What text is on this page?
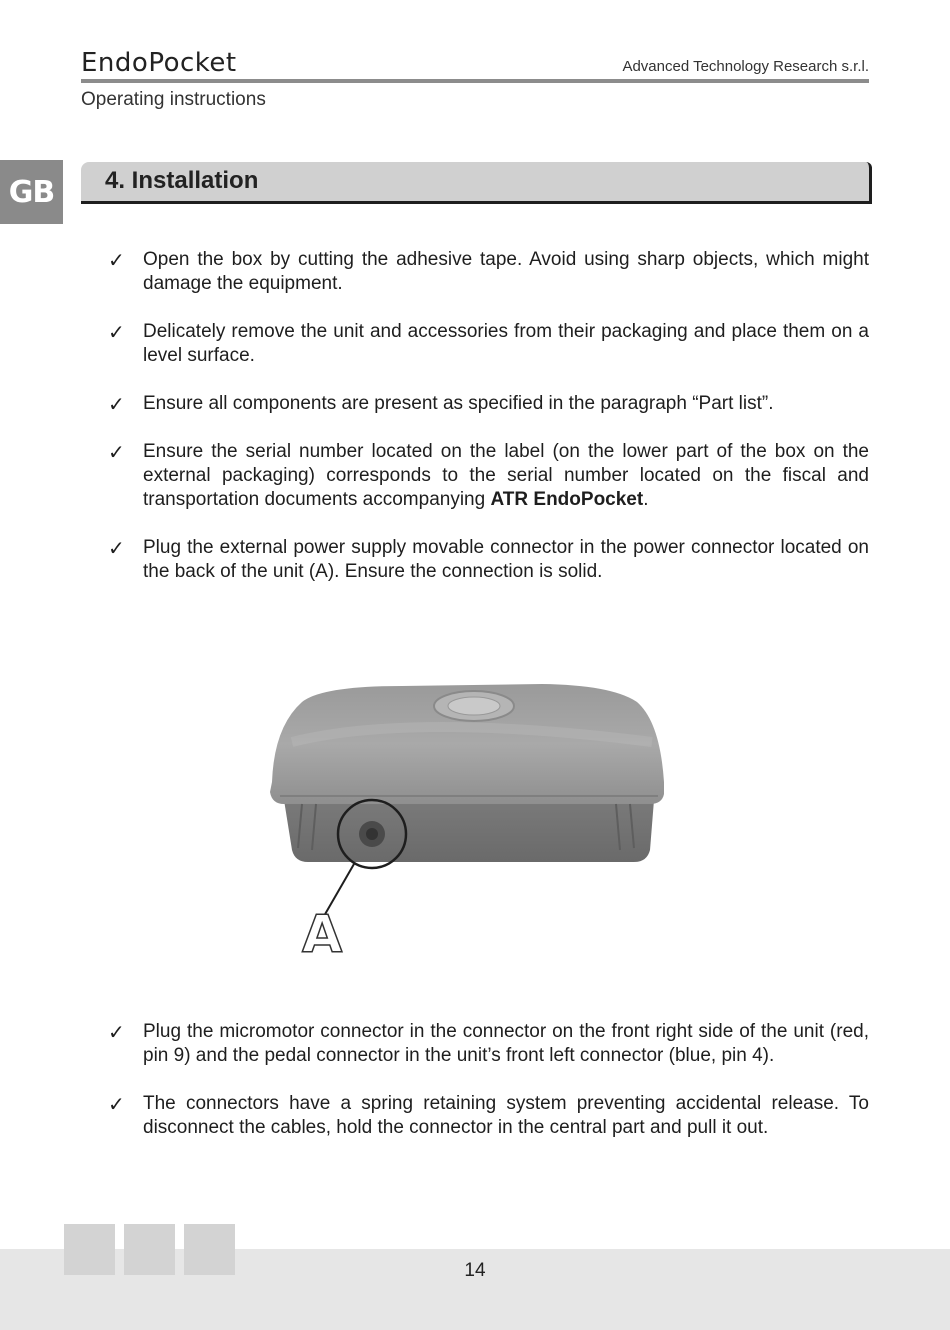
EndoPocket	Advanced Technology Research s.r.l.
Operating instructions
GB	4. Installation
✓ Open the box by cutting the adhesive tape. Avoid using sharp objects, which might damage the equipment.
✓ Delicately remove the unit and accessories from their packaging and place them on a level surface.
✓ Ensure all components are present as specified in the paragraph “Part list”.
✓ Ensure the serial number located on the label (on the lower part of the box on the external packaging) corresponds to the serial number located on the fiscal and transportation documents accompanying ATR EndoPocket.
✓ Plug the external power supply movable connector in the power connector located on the back of the unit (A). Ensure the connection is solid.
A
✓ Plug the micromotor connector in the connector on the front right side of the unit (red, pin 9) and the pedal connector in the unit’s front left connector (blue, pin 4).
✓ The connectors have a spring retaining system preventing accidental release. To disconnect the cables, hold the connector in the central part and pull it out.
14
